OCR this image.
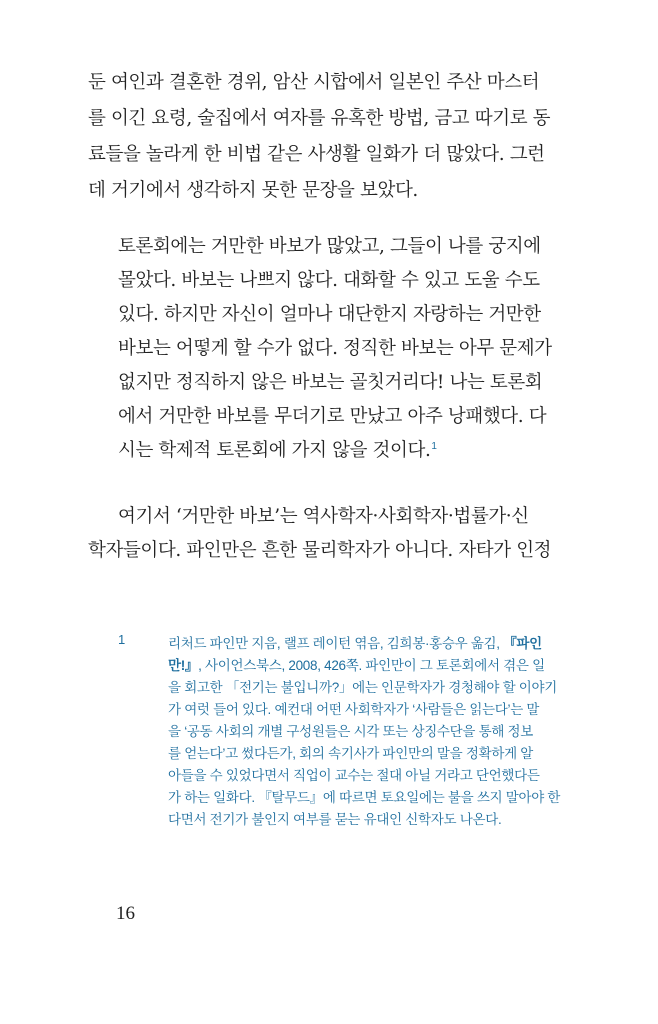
둔 여인과 결혼한 경위, 암산 시합에서 일본인 주산 마스터
를 이긴 요령, 술집에서 여자를 유혹한 방법, 금고 따기로 동
료들을 놀라게 한 비법 같은 사생활 일화가 더 많았다. 그런
데 거기에서 생각하지 못한 문장을 보았다.
토론회에는 거만한 바보가 많았고, 그들이 나를 궁지에
몰았다. 바보는 나쁘지 않다. 대화할 수 있고 도울 수도
있다. 하지만 자신이 얼마나 대단한지 자랑하는 거만한
바보는 어떻게 할 수가 없다. 정직한 바보는 아무 문제가
없지만 정직하지 않은 바보는 골칫거리다! 나는 토론회
에서 거만한 바보를 무더기로 만났고 아주 낭패했다. 다
시는 학제적 토론회에 가지 않을 것이다.$^1$
여기서 ‘거만한 바보’는 역사학자·사회학자·법률가·신
학자들이다. 파인만은 흔한 물리학자가 아니다. 자타가 인정
1	리처드 파인만 지음, 랠프 레이턴 엮음, 김희봉·홍승우 옮김, 『파인
만!』, 사이언스북스, 2008, 426쪽. 파인만이 그 토론회에서 겪은 일
을 회고한 「전기는 불입니까?」에는 인문학자가 경청해야 할 이야기
가 여럿 들어 있다. 예컨대 어떤 사회학자가 ‘사람들은 읽는다’는 말
을 ‘공동 사회의 개별 구성원들은 시각 또는 상징수단을 통해 정보
를 얻는다’고 썼다든가, 회의 속기사가 파인만의 말을 정확하게 알
아들을 수 있었다면서 직업이 교수는 절대 아닐 거라고 단언했다든
가 하는 일화다. 『탈무드』에 따르면 토요일에는 불을 쓰지 말아야 한
다면서 전기가 불인지 여부를 묻는 유대인 신학자도 나온다.
16
